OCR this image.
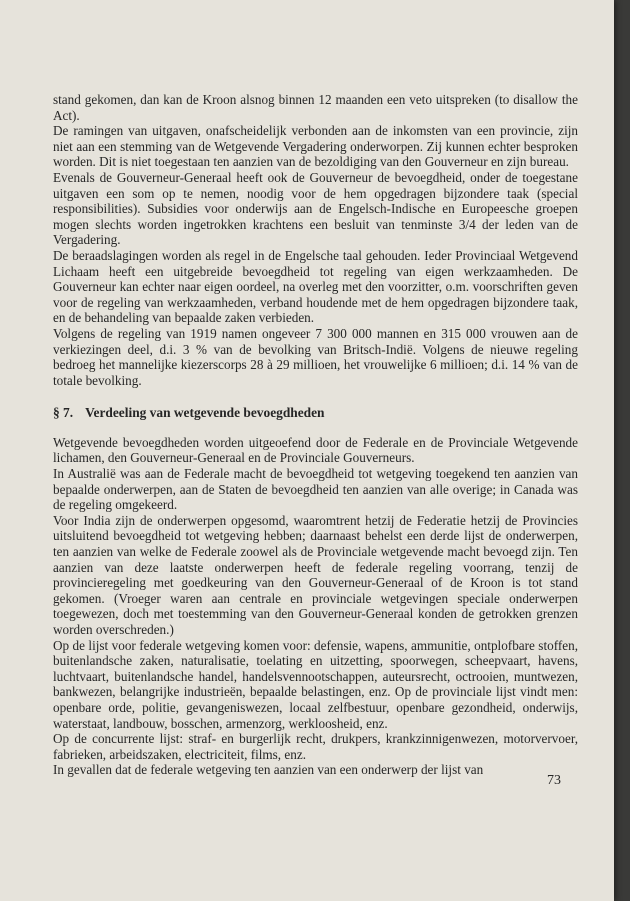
stand gekomen, dan kan de Kroon alsnog binnen 12 maanden een veto uitspreken (to disallow the Act).

De ramingen van uitgaven, onafscheidelijk verbonden aan de inkomsten van een provincie, zijn niet aan een stemming van de Wetgevende Vergadering onderworpen. Zij kunnen echter besproken worden. Dit is niet toegestaan ten aanzien van de bezoldiging van den Gouverneur en zijn bureau.

Evenals de Gouverneur-Generaal heeft ook de Gouverneur de bevoegdheid, onder de toegestane uitgaven een som op te nemen, noodig voor de hem opgedragen bijzondere taak (special responsibilities). Subsidies voor onderwijs aan de Engelsch-Indische en Europeesche groepen mogen slechts worden ingetrokken krachtens een besluit van tenminste 3/4 der leden van de Vergadering.

De beraadslagingen worden als regel in de Engelsche taal gehouden. Ieder Provinciaal Wetgevend Lichaam heeft een uitgebreide bevoegdheid tot regeling van eigen werkzaamheden. De Gouverneur kan echter naar eigen oordeel, na overleg met den voorzitter, o.m. voorschriften geven voor de regeling van werkzaamheden, verband houdende met de hem opgedragen bijzondere taak, en de behandeling van bepaalde zaken verbieden.

Volgens de regeling van 1919 namen ongeveer 7 300 000 mannen en 315 000 vrouwen aan de verkiezingen deel, d.i. 3 % van de bevolking van Britsch-Indië. Volgens de nieuwe regeling bedroeg het mannelijke kiezerscorps 28 à 29 millioen, het vrouwelijke 6 millioen; d.i. 14 % van de totale bevolking.

§ 7. Verdeeling van wetgevende bevoegdheden

Wetgevende bevoegdheden worden uitgeoefend door de Federale en de Provinciale Wetgevende lichamen, den Gouverneur-Generaal en de Provinciale Gouverneurs.

In Australië was aan de Federale macht de bevoegdheid tot wetgeving toegekend ten aanzien van bepaalde onderwerpen, aan de Staten de bevoegdheid ten aanzien van alle overige; in Canada was de regeling omgekeerd.

Voor India zijn de onderwerpen opgesomd, waaromtrent hetzij de Federatie hetzij de Provincies uitsluitend bevoegdheid tot wetgeving hebben; daarnaast behelst een derde lijst de onderwerpen, ten aanzien van welke de Federale zoowel als de Provinciale wetgevende macht bevoegd zijn. Ten aanzien van deze laatste onderwerpen heeft de federale regeling voorrang, tenzij de provincieregeling met goedkeuring van den Gouverneur-Generaal of de Kroon is tot stand gekomen. (Vroeger waren aan centrale en provinciale wetgevingen speciale onderwerpen toegewezen, doch met toestemming van den Gouverneur-Generaal konden de getrokken grenzen worden overschreden.)

Op de lijst voor federale wetgeving komen voor: defensie, wapens, ammunitie, ontplofbare stoffen, buitenlandsche zaken, naturalisatie, toelating en uitzetting, spoorwegen, scheepvaart, havens, luchtvaart, buitenlandsche handel, handelsvennootschappen, auteursrecht, octrooien, muntwezen, bankwezen, belangrijke industrieën, bepaalde belastingen, enz. Op de provinciale lijst vindt men: openbare orde, politie, gevangeniswezen, locaal zelfbestuur, openbare gezondheid, onderwijs, waterstaat, landbouw, bosschen, armenzorg, werkloosheid, enz.

Op de concurrente lijst: straf- en burgerlijk recht, drukpers, krankzinnigenwezen, motorvervoer, fabrieken, arbeidszaken, electriciteit, films, enz.

In gevallen dat de federale wetgeving ten aanzien van een onderwerp der lijst van

73
